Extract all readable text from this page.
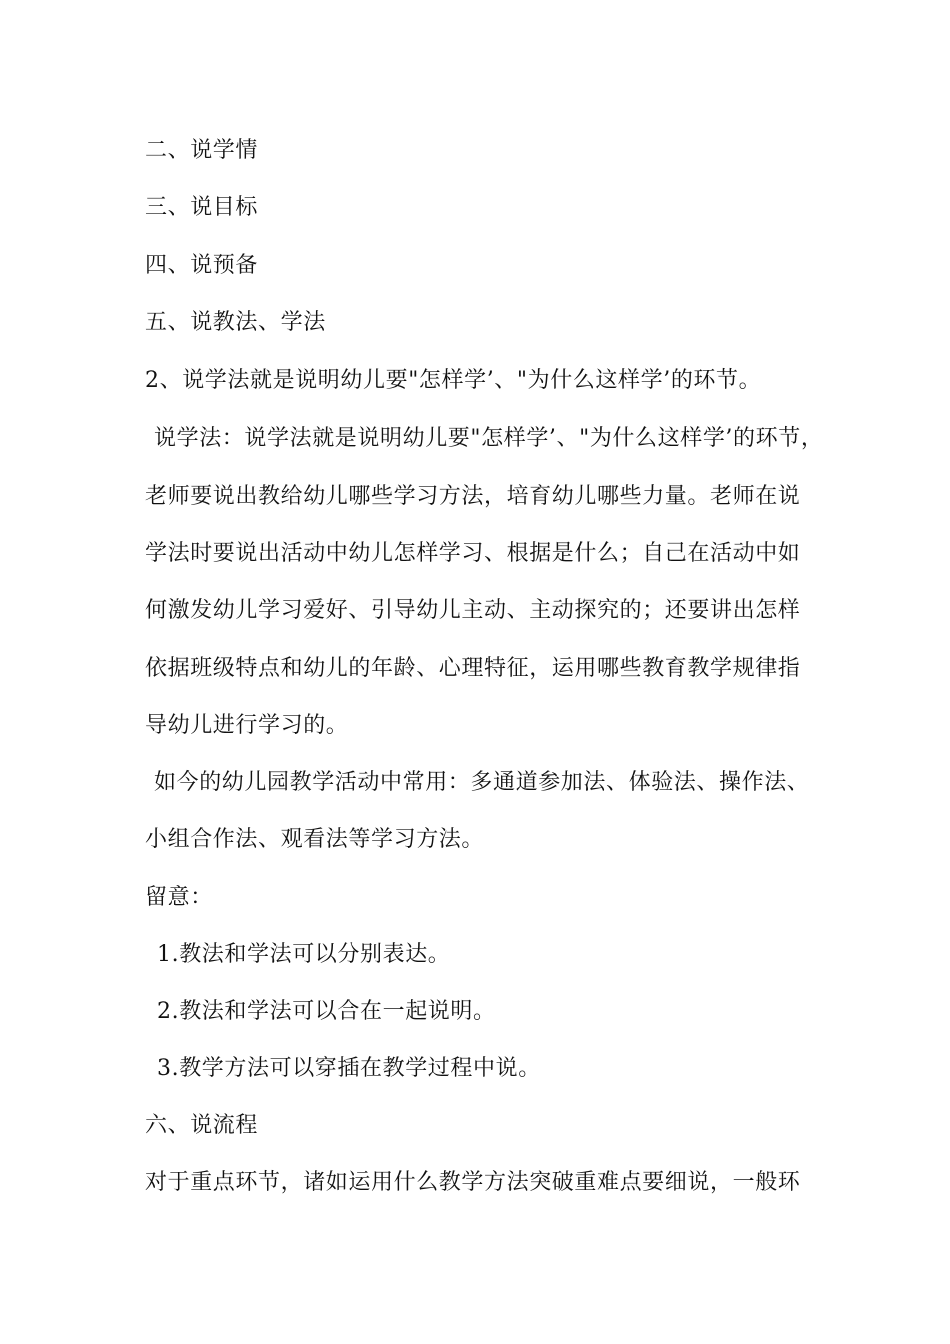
二、说学情
三、说目标
四、说预备
五、说教法、学法
2、说学法就是说明幼儿要"怎样学’、"为什么这样学’的环节。
说学法：说学法就是说明幼儿要"怎样学’、"为什么这样学’的环节，
老师要说出教给幼儿哪些学习方法，培育幼儿哪些力量。老师在说
学法时要说出活动中幼儿怎样学习、根据是什么；自己在活动中如
何激发幼儿学习爱好、引导幼儿主动、主动探究的；还要讲出怎样
依据班级特点和幼儿的年龄、心理特征，运用哪些教育教学规律指
导幼儿进行学习的。
如今的幼儿园教学活动中常用：多通道参加法、体验法、操作法、
小组合作法、观看法等学习方法。
留意：
1.教法和学法可以分别表达。
2.教法和学法可以合在一起说明。
3.教学方法可以穿插在教学过程中说。
六、说流程
对于重点环节，诸如运用什么教学方法突破重难点要细说，一般环
